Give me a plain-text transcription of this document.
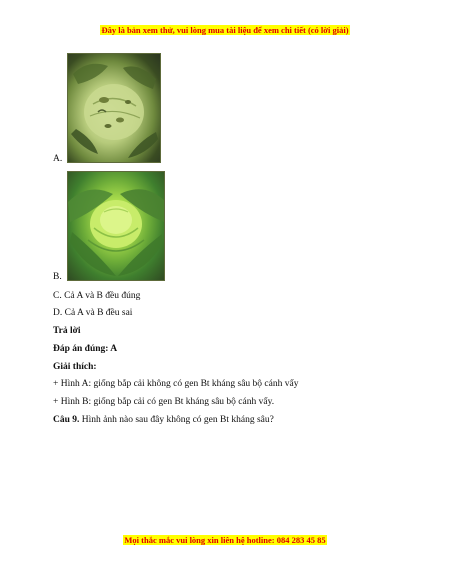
Đây là bản xem thử, vui lòng mua tài liệu để xem chi tiết (có lời giải)
A.
B.
C. Cả A và B đều đúng
D. Cả A và B đều sai
Trả lời
Đáp án đúng: A
Giải thích:
+ Hình A: giống bắp cải không có gen Bt kháng sâu bộ cánh vẩy
+ Hình B: giống bắp cải có gen Bt kháng sâu bộ cánh vẩy.
Câu 9. Hình ảnh nào sau đây không có gen Bt kháng sâu?
Mọi thắc mắc vui lòng xin liên hệ hotline: 084 283 45 85
